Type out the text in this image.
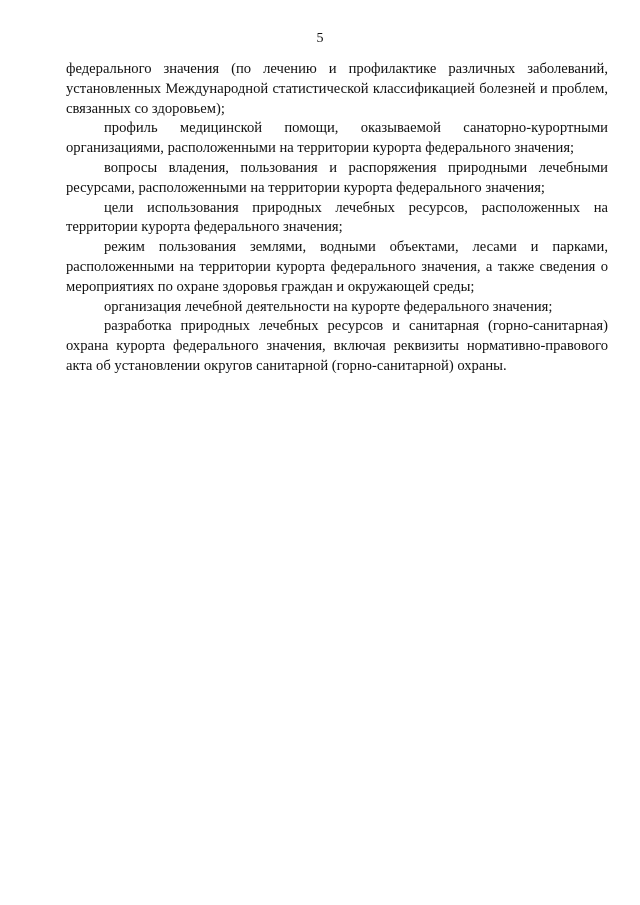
5

федерального значения (по лечению и профилактике различных заболеваний, установленных Международной статистической классификацией болезней и проблем, связанных со здоровьем);

профиль медицинской помощи, оказываемой санаторно-курортными организациями, расположенными на территории курорта федерального значения;

вопросы владения, пользования и распоряжения природными лечебными ресурсами, расположенными на территории курорта федерального значения;

цели использования природных лечебных ресурсов, расположенных на территории курорта федерального значения;

режим пользования землями, водными объектами, лесами и парками, расположенными на территории курорта федерального значения, а также сведения о мероприятиях по охране здоровья граждан и окружающей среды;

организация лечебной деятельности на курорте федерального значения;

разработка природных лечебных ресурсов и санитарная (горно-санитарная) охрана курорта федерального значения, включая реквизиты нормативно-правового акта об установлении округов санитарной (горно-санитарной) охраны.
